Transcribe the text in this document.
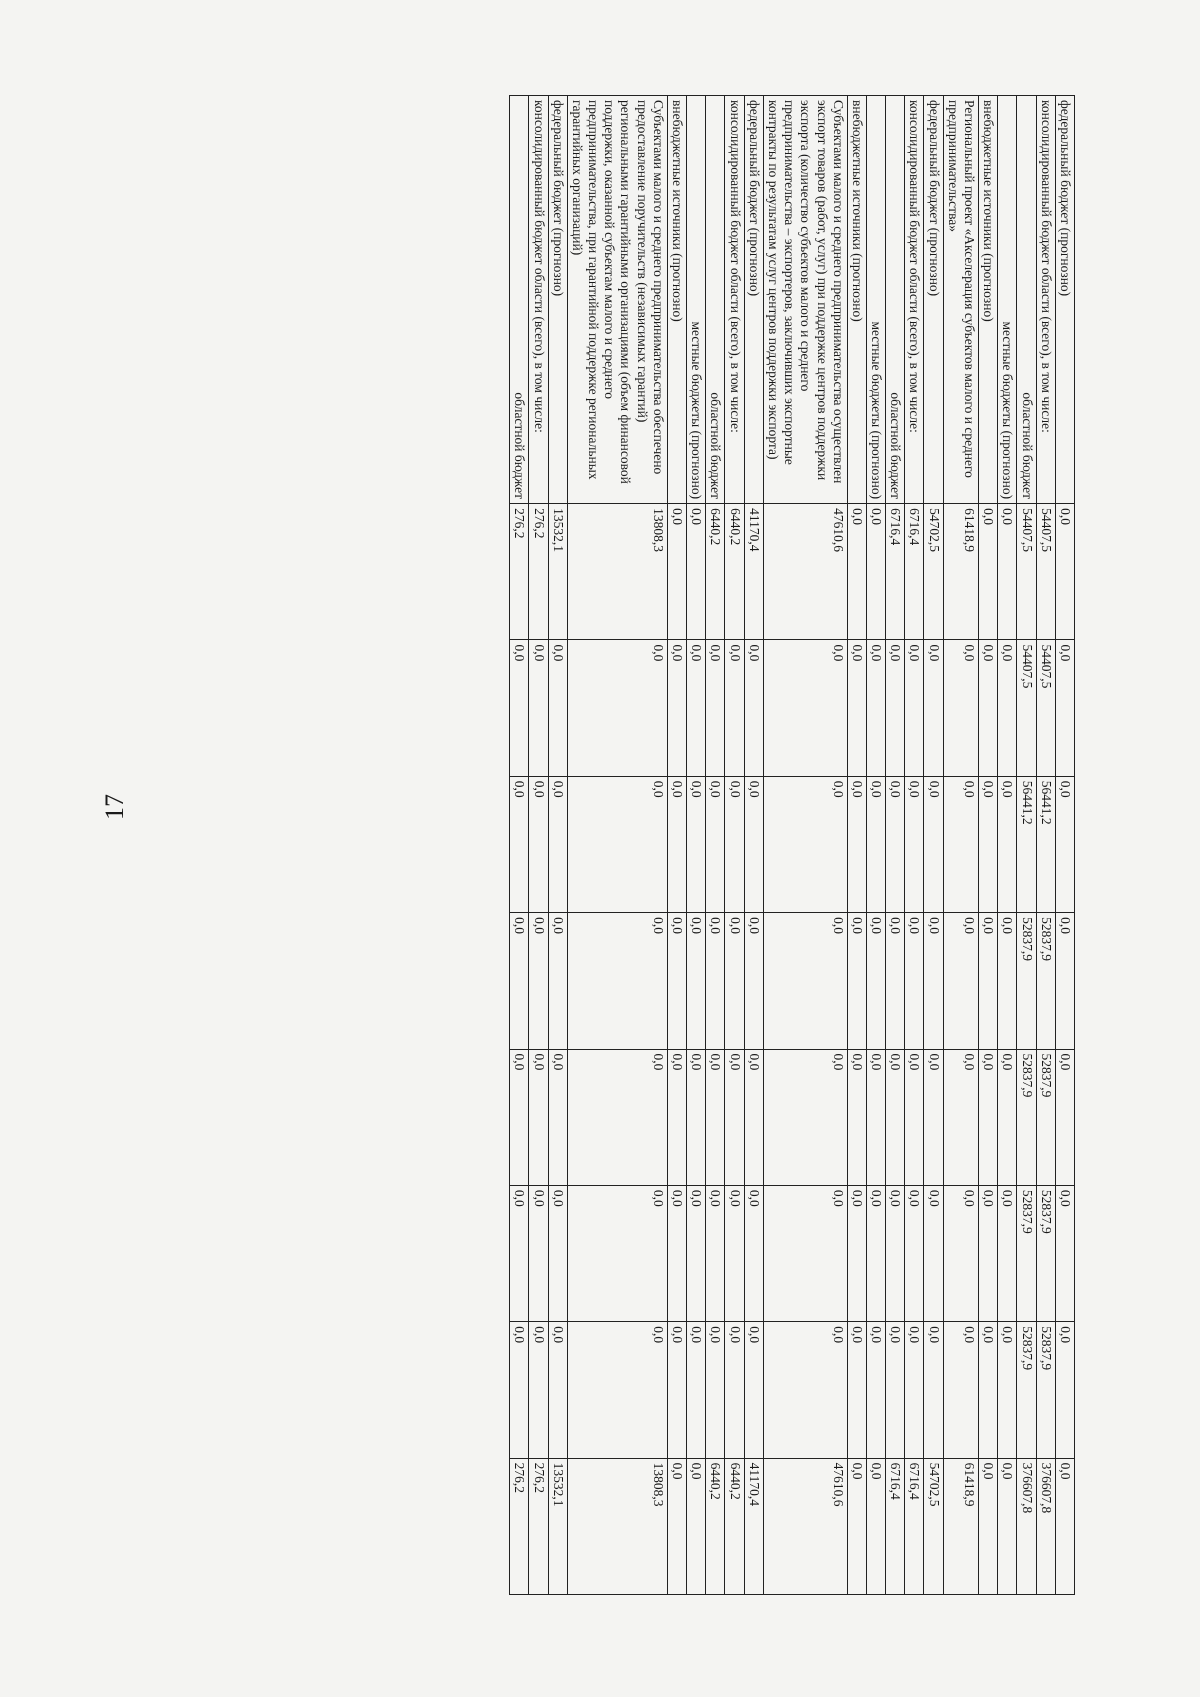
17
федеральный бюджет (прогнозно)	0,0	0,0	0,0	0,0	0,0	0,0	0,0	0,0
консолидированный бюджет области (всего), в том числе:	54407,5	54407,5	56441,2	52837,9	52837,9	52837,9	52837,9	376607,8
областной бюджет	54407,5	54407,5	56441,2	52837,9	52837,9	52837,9	52837,9	376607,8
местные бюджеты (прогнозно)	0,0	0,0	0,0	0,0	0,0	0,0	0,0	0,0
внебюджетные источники (прогнозно)	0,0	0,0	0,0	0,0	0,0	0,0	0,0	0,0
Региональный проект «Акселерация субъектов малого и среднего предпринимательства»	61418,9	0,0	0,0	0,0	0,0	0,0	0,0	61418,9
федеральный бюджет (прогнозно)	54702,5	0,0	0,0	0,0	0,0	0,0	0,0	54702,5
консолидированный бюджет области (всего), в том числе:	6716,4	0,0	0,0	0,0	0,0	0,0	0,0	6716,4
областной бюджет	6716,4	0,0	0,0	0,0	0,0	0,0	0,0	6716,4
местные бюджеты (прогнозно)	0,0	0,0	0,0	0,0	0,0	0,0	0,0	0,0
внебюджетные источники (прогнозно)	0,0	0,0	0,0	0,0	0,0	0,0	0,0	0,0
Субъектами малого и среднего предпринимательства осуществлен экспорт товаров (работ, услуг) при поддержке центров поддержки экспорта (количество субъектов малого и среднего предпринимательства – экспортеров, заключивших экспортные контракты по результатам услуг центров поддержки экспорта)	47610,6	0,0	0,0	0,0	0,0	0,0	0,0	47610,6
федеральный бюджет (прогнозно)	41170,4	0,0	0,0	0,0	0,0	0,0	0,0	41170,4
консолидированный бюджет области (всего), в том числе:	6440,2	0,0	0,0	0,0	0,0	0,0	0,0	6440,2
областной бюджет	6440,2	0,0	0,0	0,0	0,0	0,0	0,0	6440,2
местные бюджеты (прогнозно)	0,0	0,0	0,0	0,0	0,0	0,0	0,0	0,0
внебюджетные источники (прогнозно)	0,0	0,0	0,0	0,0	0,0	0,0	0,0	0,0
Субъектами малого и среднего предпринимательства обеспечено предоставление поручительств (независимых гарантий) региональными гарантийными организациями (объем финансовой поддержки, оказанной субъектам малого и среднего предпринимательства, при гарантийной поддержке региональных гарантийных организаций)	13808,3	0,0	0,0	0,0	0,0	0,0	0,0	13808,3
федеральный бюджет (прогнозно)	13532,1	0,0	0,0	0,0	0,0	0,0	0,0	13532,1
консолидированный бюджет области (всего), в том числе:	276,2	0,0	0,0	0,0	0,0	0,0	0,0	276,2
областной бюджет	276,2	0,0	0,0	0,0	0,0	0,0	0,0	276,2
